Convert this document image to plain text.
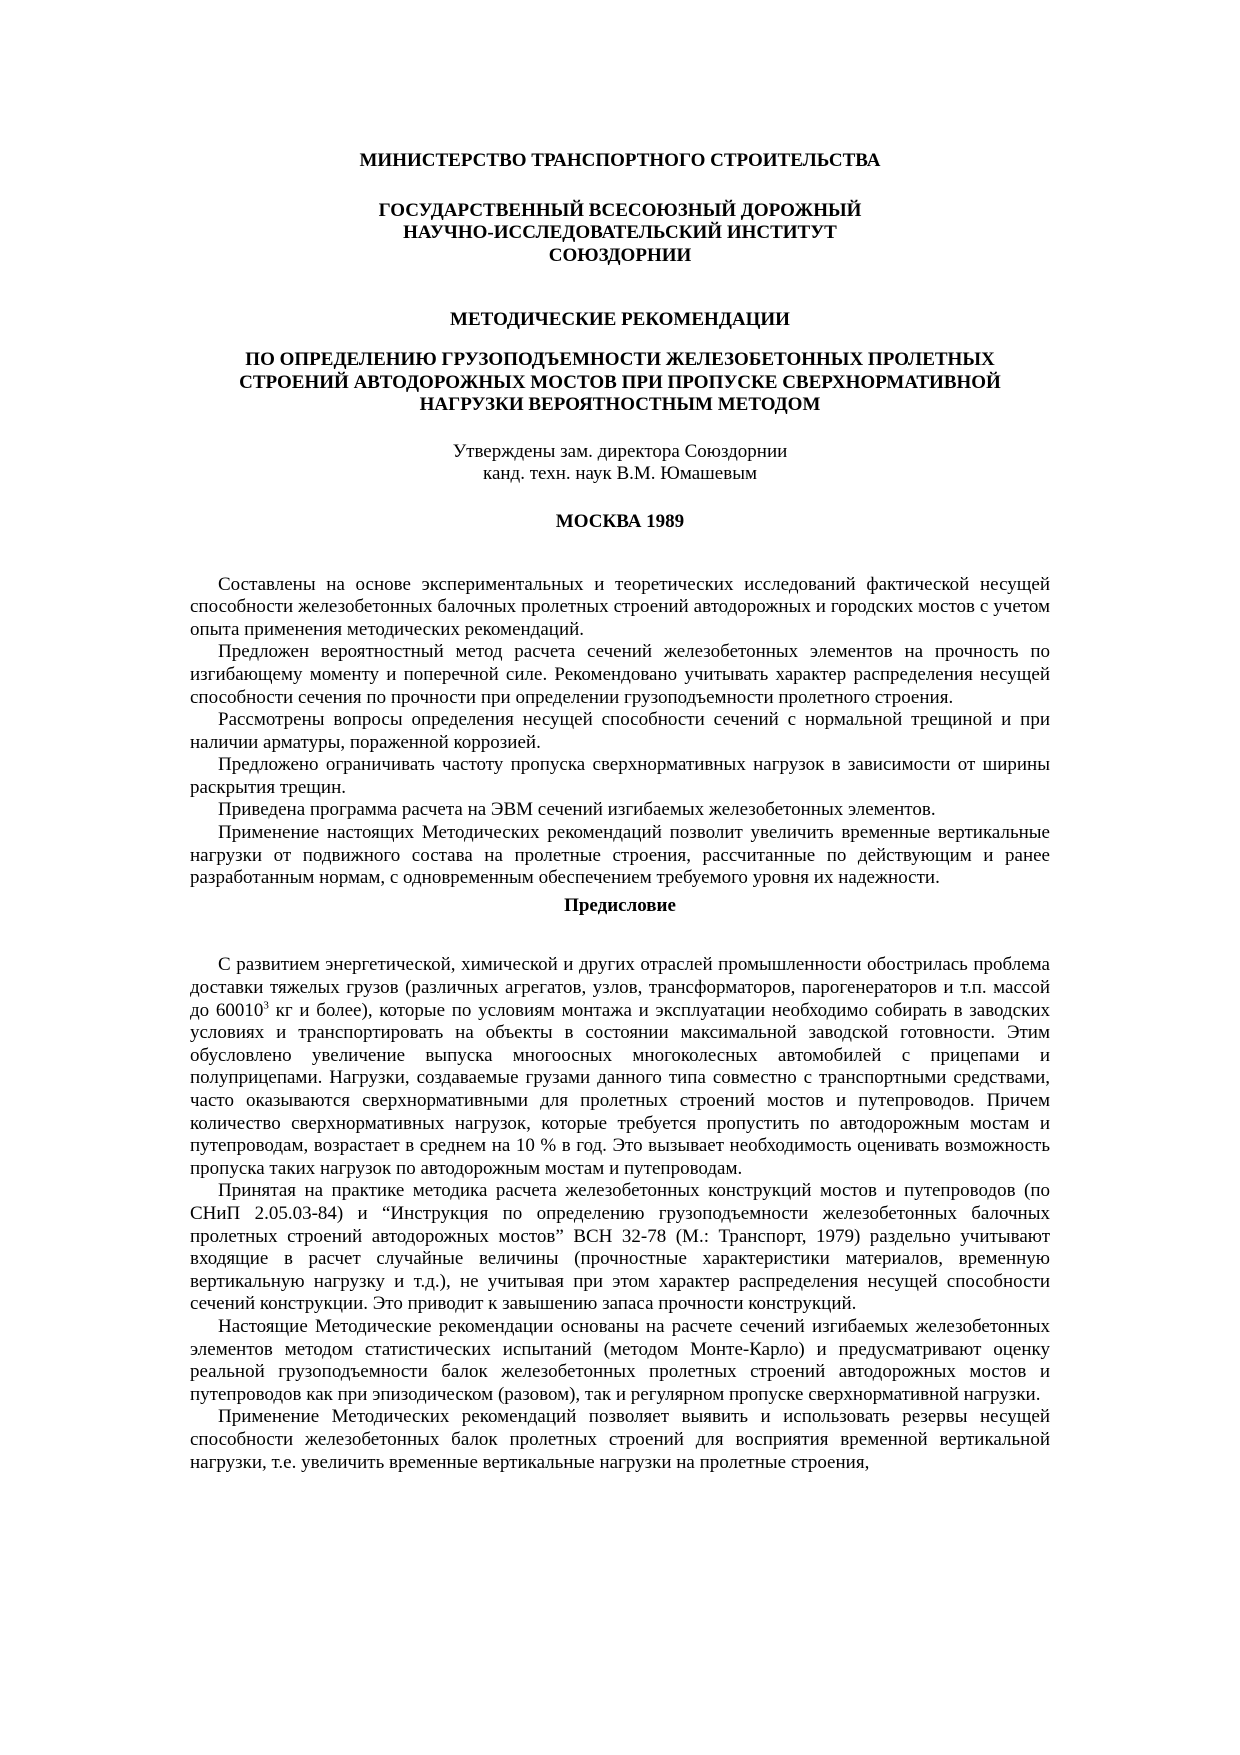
МИНИСТЕРСТВО ТРАНСПОРТНОГО СТРОИТЕЛЬСТВА
ГОСУДАРСТВЕННЫЙ ВСЕСОЮЗНЫЙ ДОРОЖНЫЙ
НАУЧНО-ИССЛЕДОВАТЕЛЬСКИЙ ИНСТИТУТ
СОЮЗДОРНИИ
МЕТОДИЧЕСКИЕ РЕКОМЕНДАЦИИ
ПО ОПРЕДЕЛЕНИЮ ГРУЗОПОДЪЕМНОСТИ ЖЕЛЕЗОБЕТОННЫХ ПРОЛЕТНЫХ
СТРОЕНИЙ АВТОДОРОЖНЫХ МОСТОВ ПРИ ПРОПУСКЕ СВЕРХНОРМАТИВНОЙ
НАГРУЗКИ ВЕРОЯТНОСТНЫМ МЕТОДОМ
Утверждены зам. директора Союздорнии
канд. техн. наук В.М. Юмашевым
МОСКВА 1989

Составлены на основе экспериментальных и теоретических исследований фактической несущей способности железобетонных балочных пролетных строений автодорожных и городских мостов с учетом опыта применения методических рекомендаций.

Предложен вероятностный метод расчета сечений железобетонных элементов на прочность по изгибающему моменту и поперечной силе. Рекомендовано учитывать характер распределения несущей способности сечения по прочности при определении грузоподъемности пролетного строения.

Рассмотрены вопросы определения несущей способности сечений с нормальной трещиной и при наличии арматуры, пораженной коррозией.

Предложено ограничивать частоту пропуска сверхнормативных нагрузок в зависимости от ширины раскрытия трещин.

Приведена программа расчета на ЭВМ сечений изгибаемых железобетонных элементов.

Применение настоящих Методических рекомендаций позволит увеличить временные вертикальные нагрузки от подвижного состава на пролетные строения, рассчитанные по действующим и ранее разработанным нормам, с одновременным обеспечением требуемого уровня их надежности.

Предисловие

С развитием энергетической, химической и других отраслей промышленности обострилась проблема доставки тяжелых грузов (различных агрегатов, узлов, трансформаторов, парогенераторов и т.п. массой до 60010$^3$ кг и более), которые по условиям монтажа и эксплуатации необходимо собирать в заводских условиях и транспортировать на объекты в состоянии максимальной заводской готовности. Этим обусловлено увеличение выпуска многоосных многоколесных автомобилей с прицепами и полуприцепами. Нагрузки, создаваемые грузами данного типа совместно с транспортными средствами, часто оказываются сверхнормативными для пролетных строений мостов и путепроводов. Причем количество сверхнормативных нагрузок, которые требуется пропустить по автодорожным мостам и путепроводам, возрастает в среднем на 10 % в год. Это вызывает необходимость оценивать возможность пропуска таких нагрузок по автодорожным мостам и путепроводам.

Принятая на практике методика расчета железобетонных конструкций мостов и путепроводов (по СНиП 2.05.03-84) и “Инструкция по определению грузоподъемности железобетонных балочных пролетных строений автодорожных мостов” ВСН 32-78 (М.: Транспорт, 1979) раздельно учитывают входящие в расчет случайные величины (прочностные характеристики материалов, временную вертикальную нагрузку и т.д.), не учитывая при этом характер распределения несущей способности сечений конструкции. Это приводит к завышению запаса прочности конструкций.

Настоящие Методические рекомендации основаны на расчете сечений изгибаемых железобетонных элементов методом статистических испытаний (методом Монте-Карло) и предусматривают оценку реальной грузоподъемности балок железобетонных пролетных строений автодорожных мостов и путепроводов как при эпизодическом (разовом), так и регулярном пропуске сверхнормативной нагрузки.

Применение Методических рекомендаций позволяет выявить и использовать резервы несущей способности железобетонных балок пролетных строений для восприятия временной вертикальной нагрузки, т.е. увеличить временные вертикальные нагрузки на пролетные строения,
